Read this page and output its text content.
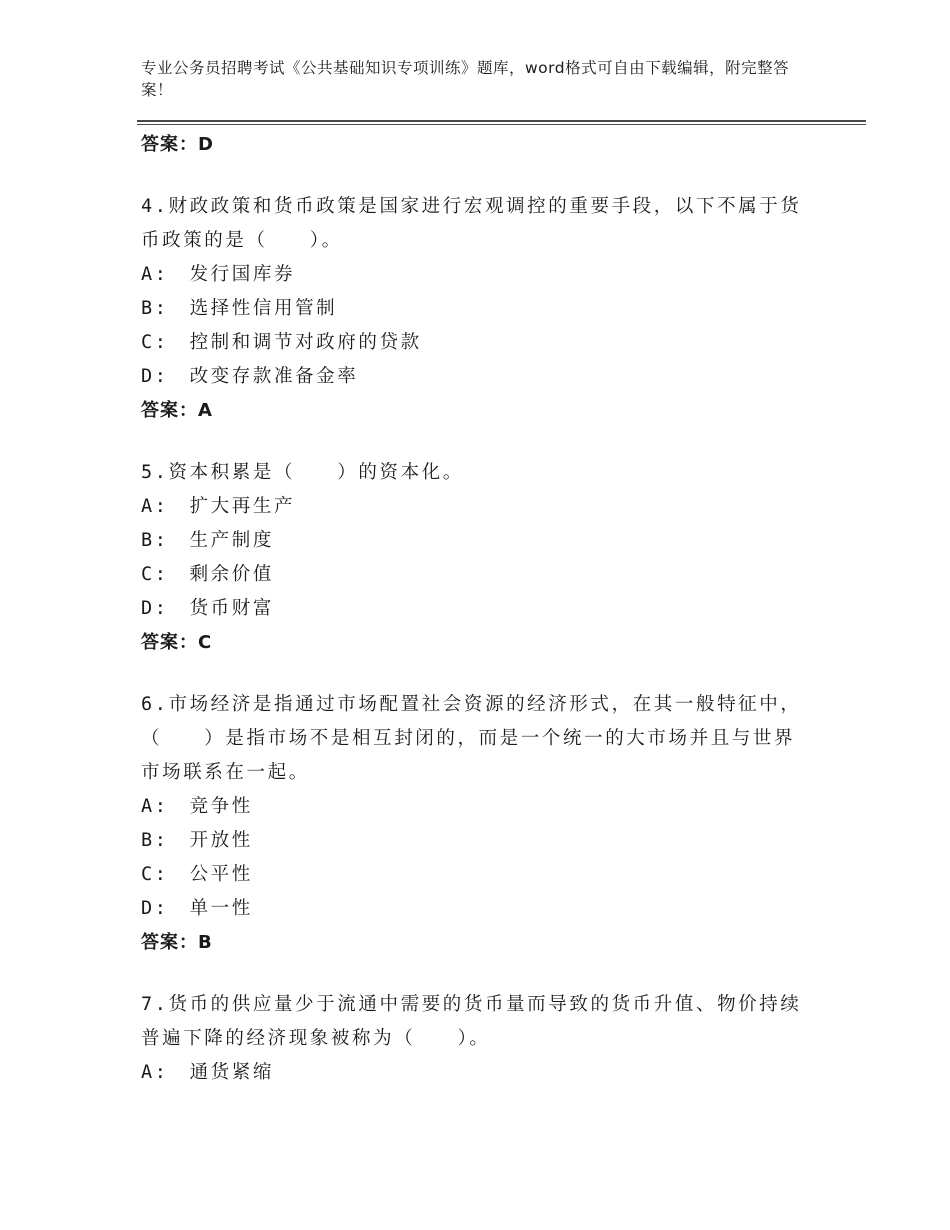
专业公务员招聘考试《公共基础知识专项训练》题库，word格式可自由下载编辑，附完整答案！
答案：D
4.财政政策和货币政策是国家进行宏观调控的重要手段，以下不属于货币政策的是（　　）。
A:　发行国库券
B:　选择性信用管制
C:　控制和调节对政府的贷款
D:　改变存款准备金率
答案：A
5.资本积累是（　　）的资本化。
A:　扩大再生产
B:　生产制度
C:　剩余价值
D:　货币财富
答案：C
6.市场经济是指通过市场配置社会资源的经济形式，在其一般特征中，（　　）是指市场不是相互封闭的，而是一个统一的大市场并且与世界市场联系在一起。
A:　竞争性
B:　开放性
C:　公平性
D:　单一性
答案：B
7.货币的供应量少于流通中需要的货币量而导致的货币升值、物价持续普遍下降的经济现象被称为（　　）。
A:　通货紧缩
